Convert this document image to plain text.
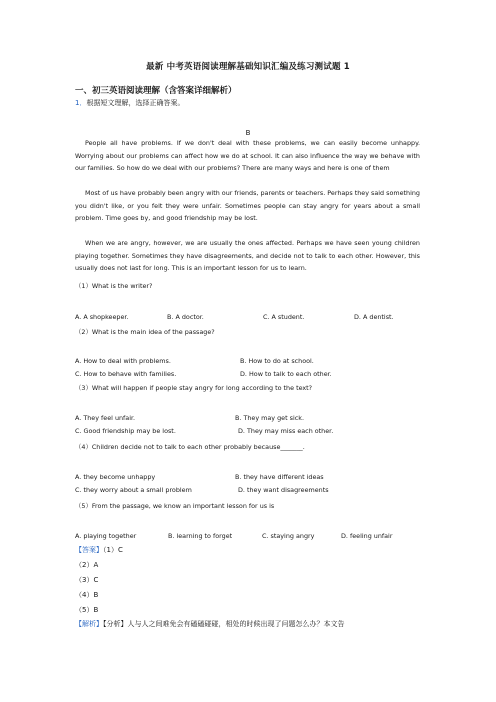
最新 中考英语阅读理解基础知识汇编及练习测试题 1
一、初三英语阅读理解（含答案详细解析）
1．根据短文理解，选择正确答案。
B
People all have problems. If we don't deal with these problems, we can easily become unhappy. Worrying about our problems can affect how we do at school. It can also influence the way we behave with our families. So how do we deal with our problems? There are many ways and here is one of them
Most of us have probably been angry with our friends, parents or teachers. Perhaps they said something you didn't like, or you felt they were unfair. Sometimes people can stay angry for years about a small problem. Time goes by, and good friendship may be lost.
When we are angry, however, we are usually the ones affected. Perhaps we have seen young children playing together. Sometimes they have disagreements, and decide not to talk to each other. However, this usually does not last for long. This is an important lesson for us to learn.
（1）What is the writer?
A. A shopkeeper.	B. A doctor.	C. A student.	D. A dentist.
（2）What is the main idea of the passage?
A. How to deal with problems.	B. How to do at school.
C. How to behave with families.	D. How to talk to each other.
（3）What will happen if people stay angry for long according to the text?
A. They feel unfair.	B. They may get sick.
C. Good friendship may be lost.	D. They may miss each other.
（4）Children decide not to talk to each other probably because_______.
A. they become unhappy	B. they have different ideas
C. they worry about a small problem	D. they want disagreements
（5）From the passage, we know an important lesson for us is
A. playing together	B. learning to forget	C. staying angry	D. feeling unfair
【答案】（1）C
（2）A
（3）C
（4）B
（5）B
【解析】【分析】人与人之间难免会有磕磕碰碰，相处的时候出现了问题怎么办？本文告
